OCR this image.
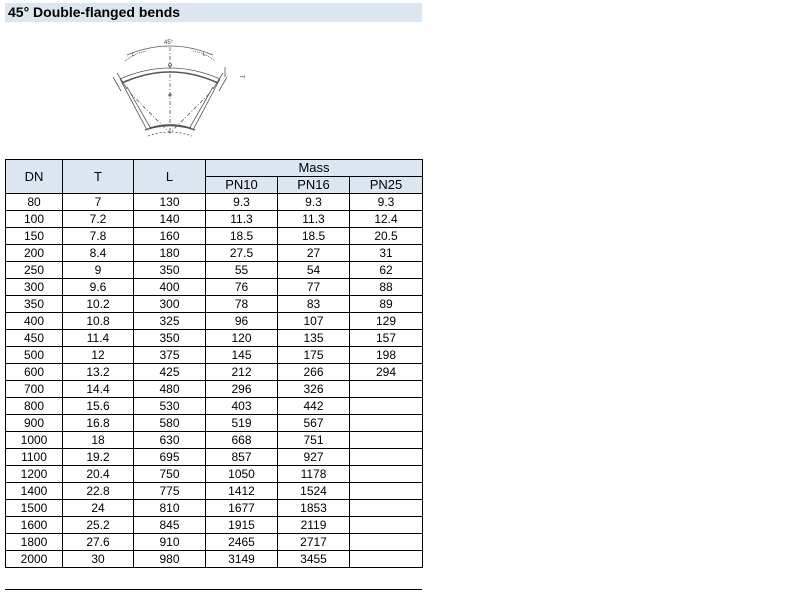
45° Double-flanged bends
45°
T
L	L
DN	T	L	Mass		
			PN10	PN16	PN25
80	7	130	9.3	9.3	9.3
100	7.2	140	11.3	11.3	12.4
150	7.8	160	18.5	18.5	20.5
200	8.4	180	27.5	27	31
250	9	350	55	54	62
300	9.6	400	76	77	88
350	10.2	300	78	83	89
400	10.8	325	96	107	129
450	11.4	350	120	135	157
500	12	375	145	175	198
600	13.2	425	212	266	294
700	14.4	480	296	326	
800	15.6	530	403	442	
900	16.8	580	519	567	
1000	18	630	668	751	
1100	19.2	695	857	927	
1200	20.4	750	1050	1178	
1400	22.8	775	1412	1524	
1500	24	810	1677	1853	
1600	25.2	845	1915	2119	
1800	27.6	910	2465	2717	
2000	30	980	3149	3455	
